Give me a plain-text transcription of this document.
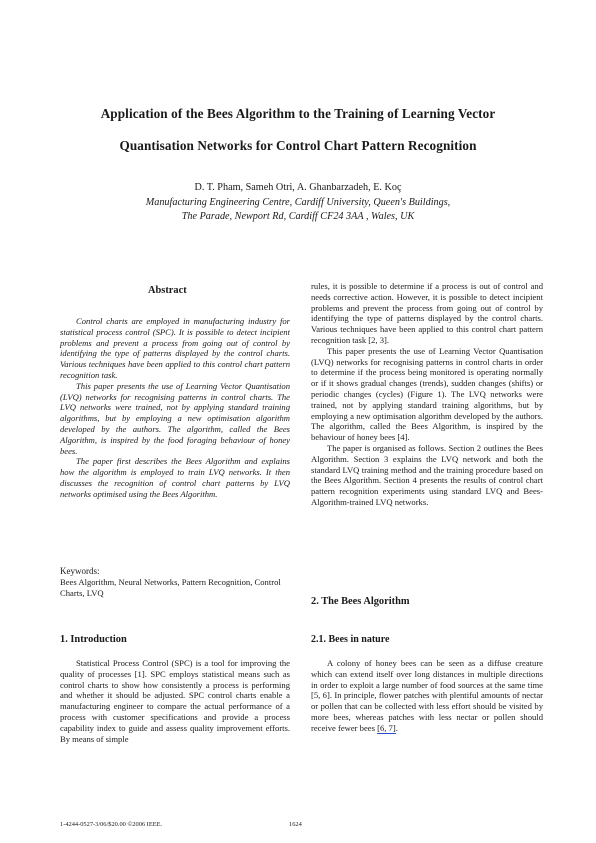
Application of the Bees Algorithm to the Training of Learning Vector
Quantisation Networks for Control Chart Pattern Recognition
D. T. Pham, Sameh Otri, A. Ghanbarzadeh, E. Koç
Manufacturing Engineering Centre, Cardiff University, Queen's Buildings,
The Parade, Newport Rd, Cardiff CF24 3AA , Wales, UK
Abstract

Control charts are employed in manufacturing industry for statistical process control (SPC). It is possible to detect incipient problems and prevent a process from going out of control by identifying the type of patterns displayed by the control charts. Various techniques have been applied to this control chart pattern recognition task.

This paper presents the use of Learning Vector Quantisation (LVQ) networks for recognising patterns in control charts. The LVQ networks were trained, not by applying standard training algorithms, but by employing a new optimisation algorithm developed by the authors. The algorithm, called the Bees Algorithm, is inspired by the food foraging behaviour of honey bees.

The paper first describes the Bees Algorithm and explains how the algorithm is employed to train LVQ networks. It then discusses the recognition of control chart patterns by LVQ networks optimised using the Bees Algorithm.

Keywords:
Bees Algorithm, Neural Networks, Pattern Recognition, Control Charts, LVQ
1. Introduction

Statistical Process Control (SPC) is a tool for improving the quality of processes [1]. SPC employs statistical means such as control charts to show how consistently a process is performing and whether it should be adjusted. SPC control charts enable a manufacturing engineer to compare the actual performance of a process with customer specifications and provide a process capability index to guide and assess quality improvement efforts. By means of simple

rules, it is possible to determine if a process is out of control and needs corrective action. However, it is possible to detect incipient problems and prevent the process from going out of control by identifying the type of patterns displayed by the control charts. Various techniques have been applied to this control chart pattern recognition task [2, 3].

This paper presents the use of Learning Vector Quantisation (LVQ) networks for recognising patterns in control charts in order to determine if the process being monitored is operating normally or if it shows gradual changes (trends), sudden changes (shifts) or periodic changes (cycles) (Figure 1). The LVQ networks were trained, not by applying standard training algorithms, but by employing a new optimisation algorithm developed by the authors. The algorithm, called the Bees Algorithm, is inspired by the behaviour of honey bees [4].

The paper is organised as follows. Section 2 outlines the Bees Algorithm. Section 3 explains the LVQ network and both the standard LVQ training method and the training procedure based on the Bees Algorithm. Section 4 presents the results of control chart pattern recognition experiments using standard LVQ and Bees-Algorithm-trained LVQ networks.

2. The Bees Algorithm
2.1. Bees in nature

A colony of honey bees can be seen as a diffuse creature which can extend itself over long distances in multiple directions in order to exploit a large number of food sources at the same time [5, 6]. In principle, flower patches with plentiful amounts of nectar or pollen that can be collected with less effort should be visited by more bees, whereas patches with less nectar or pollen should receive fewer bees [6, 7].

1-4244-0527-3/06/$20.00 ©2006 IEEE.	1624
